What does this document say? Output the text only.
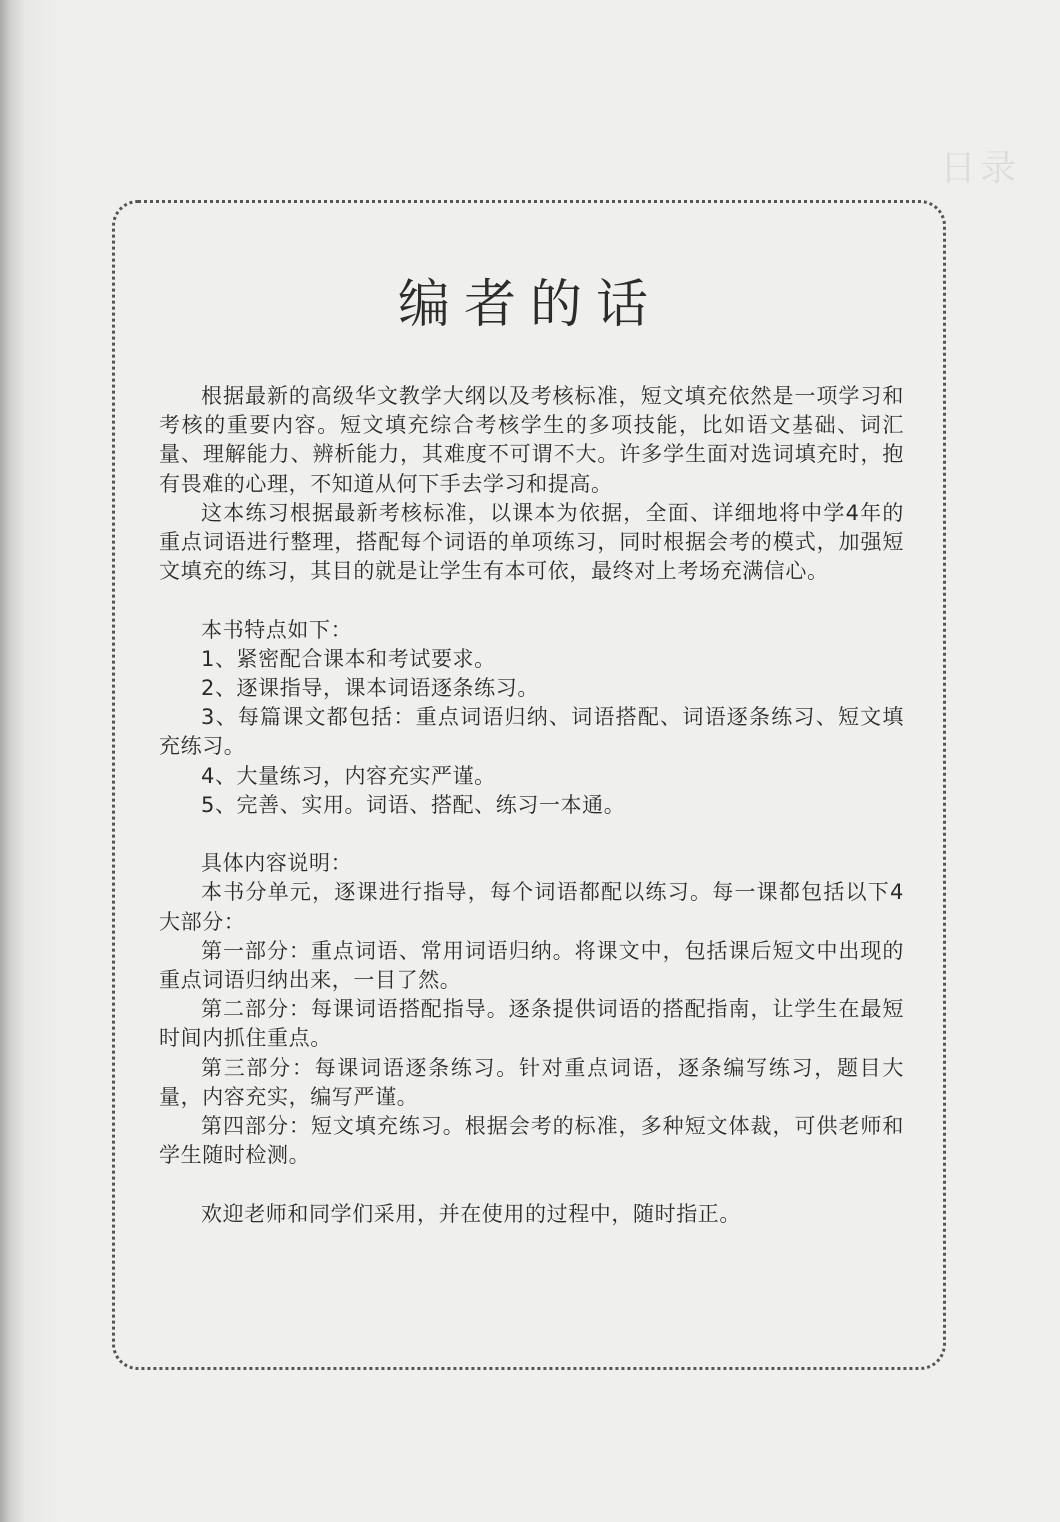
日录
编者的话

根据最新的高级华文教学大纲以及考核标准，短文填充依然是一项学习和考核的重要内容。短文填充综合考核学生的多项技能，比如语文基础、词汇量、理解能力、辨析能力，其难度不可谓不大。许多学生面对选词填充时，抱有畏难的心理，不知道从何下手去学习和提高。

这本练习根据最新考核标准，以课本为依据，全面、详细地将中学4年的重点词语进行整理，搭配每个词语的单项练习，同时根据会考的模式，加强短文填充的练习，其目的就是让学生有本可依，最终对上考场充满信心。

本书特点如下：

1、紧密配合课本和考试要求。

2、逐课指导，课本词语逐条练习。

3、每篇课文都包括：重点词语归纳、词语搭配、词语逐条练习、短文填充练习。

4、大量练习，内容充实严谨。

5、完善、实用。词语、搭配、练习一本通。

具体内容说明：

本书分单元，逐课进行指导，每个词语都配以练习。每一课都包括以下4大部分：

第一部分：重点词语、常用词语归纳。将课文中，包括课后短文中出现的重点词语归纳出来，一目了然。

第二部分：每课词语搭配指导。逐条提供词语的搭配指南，让学生在最短时间内抓住重点。

第三部分：每课词语逐条练习。针对重点词语，逐条编写练习，题目大量，内容充实，编写严谨。

第四部分：短文填充练习。根据会考的标准，多种短文体裁，可供老师和学生随时检测。

欢迎老师和同学们采用，并在使用的过程中，随时指正。
